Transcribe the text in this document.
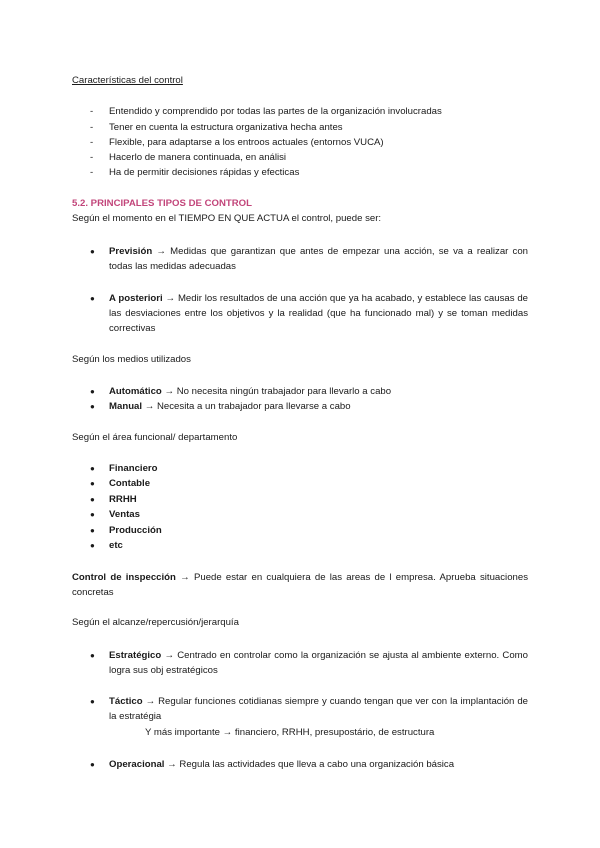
Características del control
- Entendido y comprendido por todas las partes de la organización involucradas
- Tener en cuenta la estructura organizativa hecha antes
- Flexible, para adaptarse a los entroos actuales (entornos VUCA)
- Hacerlo de manera continuada, en análisi
- Ha de permitir decisiones rápidas y efecticas
5.2. PRINCIPALES TIPOS DE CONTROL
Según el momento en el TIEMPO EN QUE ACTUA el control, puede ser:
● Previsión → Medidas que garantizan que antes de empezar una acción, se va a realizar con todas las medidas adecuadas
● A posteriori → Medir los resultados de una acción que ya ha acabado, y establece las causas de las desviaciones entre los objetivos y la realidad (que ha funcionado mal) y se toman medidas correctivas
Según los medios utilizados
● Automático → No necesita ningún trabajador para llevarlo a cabo
● Manual → Necesita a un trabajador para llevarse a cabo
Según el área funcional/ departamento
● Financiero
● Contable
● RRHH
● Ventas
● Producción
● etc
Control de inspección → Puede estar en cualquiera de las areas de l empresa. Aprueba situaciones concretas
Según el alcanze/repercusión/jerarquía
● Estratégico → Centrado en controlar como la organización se ajusta al ambiente externo. Como logra sus obj estratégicos
● Táctico → Regular funciones cotidianas siempre y cuando tengan que ver con la implantación de la estratégia
Y más importante → financiero, RRHH, presupostário, de estructura
● Operacional → Regula las actividades que lleva a cabo una organización básica
